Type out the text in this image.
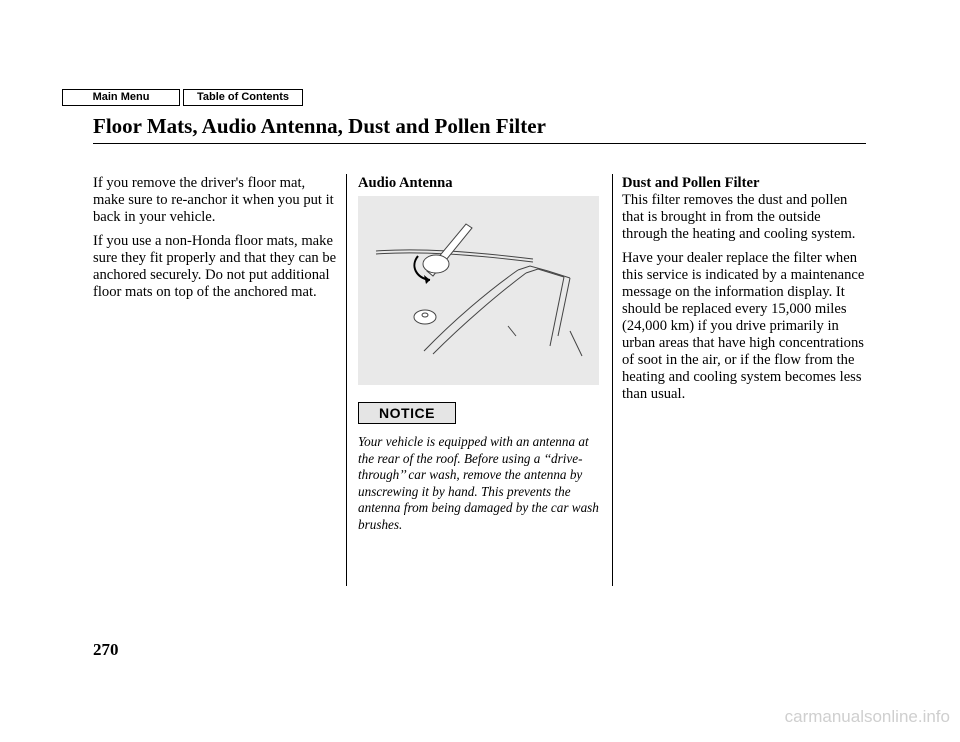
Main Menu	Table of Contents
Floor Mats, Audio Antenna, Dust and Pollen Filter

If you remove the driver's floor mat, make sure to re-anchor it when you put it back in your vehicle.

If you use a non-Honda floor mats, make sure they fit properly and that they can be anchored securely. Do not put additional floor mats on top of the anchored mat.

Audio Antenna
NOTICE
Your vehicle is equipped with an antenna at the rear of the roof. Before using a ‘‘drive-through’’ car wash, remove the antenna by unscrewing it by hand. This prevents the antenna from being damaged by the car wash brushes.
Dust and Pollen Filter

This filter removes the dust and pollen that is brought in from the outside through the heating and cooling system.

Have your dealer replace the filter when this service is indicated by a maintenance message on the information display. It should be replaced every 15,000 miles (24,000 km) if you drive primarily in urban areas that have high concentrations of soot in the air, or if the flow from the heating and cooling system becomes less than usual.

270
carmanualsonline.info
